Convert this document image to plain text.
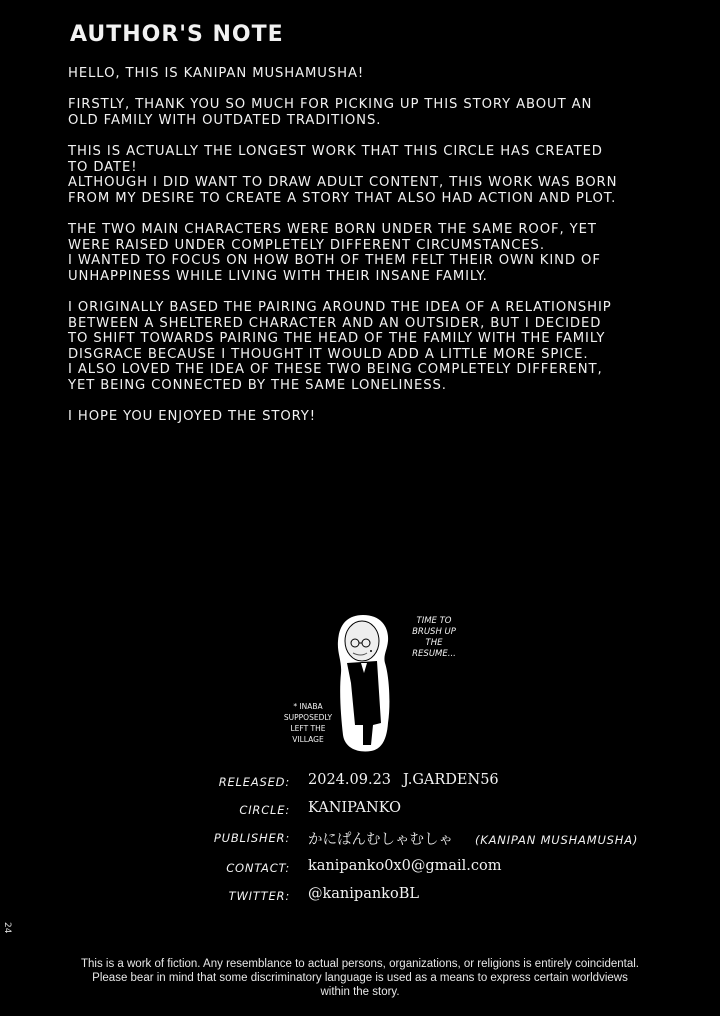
AUTHOR'S NOTE

HELLO, THIS IS KANIPAN MUSHAMUSHA!

FIRSTLY, THANK YOU SO MUCH FOR PICKING UP THIS STORY ABOUT AN
OLD FAMILY WITH OUTDATED TRADITIONS.

THIS IS ACTUALLY THE LONGEST WORK THAT THIS CIRCLE HAS CREATED
TO DATE!
ALTHOUGH I DID WANT TO DRAW ADULT CONTENT, THIS WORK WAS BORN
FROM MY DESIRE TO CREATE A STORY THAT ALSO HAD ACTION AND PLOT.

THE TWO MAIN CHARACTERS WERE BORN UNDER THE SAME ROOF, YET
WERE RAISED UNDER COMPLETELY DIFFERENT CIRCUMSTANCES.
I WANTED TO FOCUS ON HOW BOTH OF THEM FELT THEIR OWN KIND OF
UNHAPPINESS WHILE LIVING WITH THEIR INSANE FAMILY.

I ORIGINALLY BASED THE PAIRING AROUND THE IDEA OF A RELATIONSHIP
BETWEEN A SHELTERED CHARACTER AND AN OUTSIDER, BUT I DECIDED
TO SHIFT TOWARDS PAIRING THE HEAD OF THE FAMILY WITH THE FAMILY
DISGRACE BECAUSE I THOUGHT IT WOULD ADD A LITTLE MORE SPICE.
I ALSO LOVED THE IDEA OF THESE TWO BEING COMPLETELY DIFFERENT,
YET BEING CONNECTED BY THE SAME LONELINESS.

I HOPE YOU ENJOYED THE STORY!

TIME TO
BRUSH UP
THE
RESUME...
* INABA
SUPPOSEDLY
LEFT THE
VILLAGE
RELEASED: 2024.09.23 J.GARDEN56
CIRCLE: KANIPANKO
PUBLISHER: かにぱんむしゃむしゃ (KANIPAN MUSHAMUSHA)
CONTACT: kanipanko0x0@gmail.com
TWITTER: @kanipankoBL
24
This is a work of fiction. Any resemblance to actual persons, organizations, or religions is entirely coincidental.
Please bear in mind that some discriminatory language is used as a means to express certain worldviews
within the story.
